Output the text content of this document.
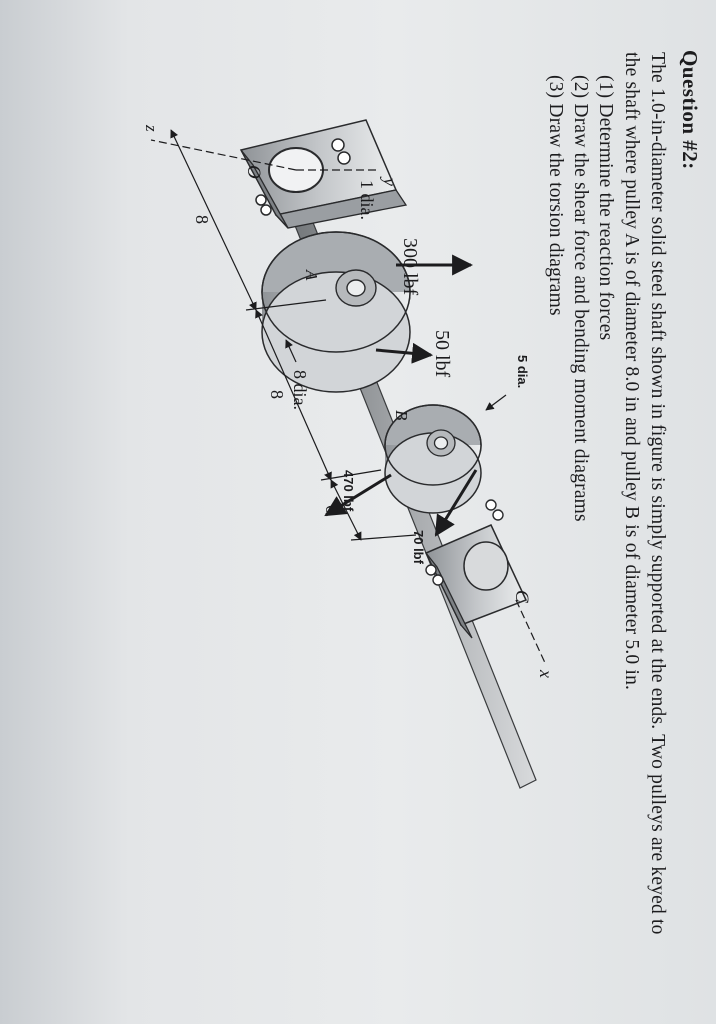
Question #2:
The 1.0-in-diameter solid steel shaft shown in figure is simply supported at the ends. Two pulleys are keyed to
the shaft where pulley A is of diameter 8.0 in and pulley B is of diameter 5.0 in.
(1) Determine the reaction forces
(2) Draw the shear force and bending moment diagrams
(3) Draw the torsion diagrams
300 lbf
50 lbf	5 dia.
1 dia.
8 dia.
470 lbf
70 lbf
O
A
B
C
x
y
z
8
8
6
